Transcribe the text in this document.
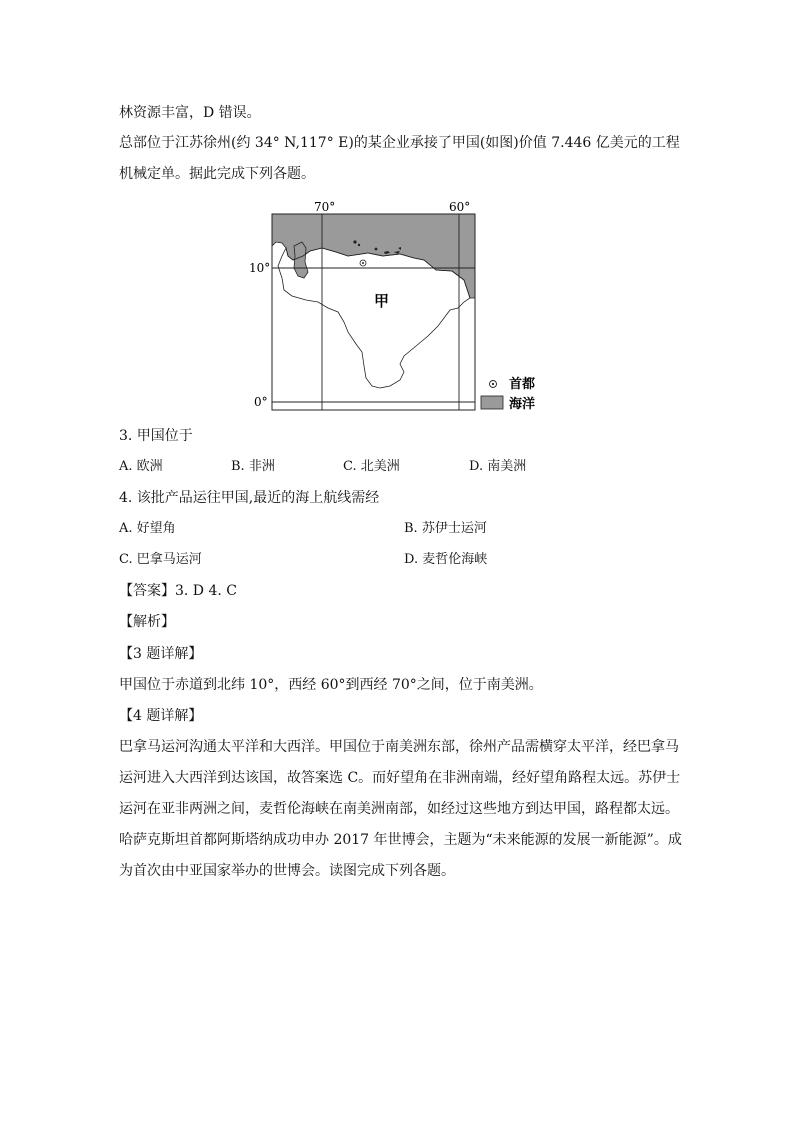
林资源丰富，D 错误。
总部位于江苏徐州(约 34° N,117° E)的某企业承接了甲国(如图)价值 7.446 亿美元的工程
机械定单。据此完成下列各题。
70°	60°
10°
0°
甲
首都
海洋
3. 甲国位于
A. 欧洲	B. 非洲	C. 北美洲	D. 南美洲
4. 该批产品运往甲国,最近的海上航线需经
A. 好望角	B. 苏伊士运河
C. 巴拿马运河	D. 麦哲伦海峡
【答案】3. D 4. C
【解析】
【3 题详解】
甲国位于赤道到北纬 10°，西经 60°到西经 70°之间，位于南美洲。
【4 题详解】
巴拿马运河沟通太平洋和大西洋。甲国位于南美洲东部，徐州产品需横穿太平洋，经巴拿马
运河进入大西洋到达该国，故答案选 C。而好望角在非洲南端，经好望角路程太远。苏伊士
运河在亚非两洲之间，麦哲伦海峡在南美洲南部，如经过这些地方到达甲国，路程都太远。
哈萨克斯坦首都阿斯塔纳成功申办 2017 年世博会，主题为“未来能源的发展一新能源”。成
为首次由中亚国家举办的世博会。读图完成下列各题。
